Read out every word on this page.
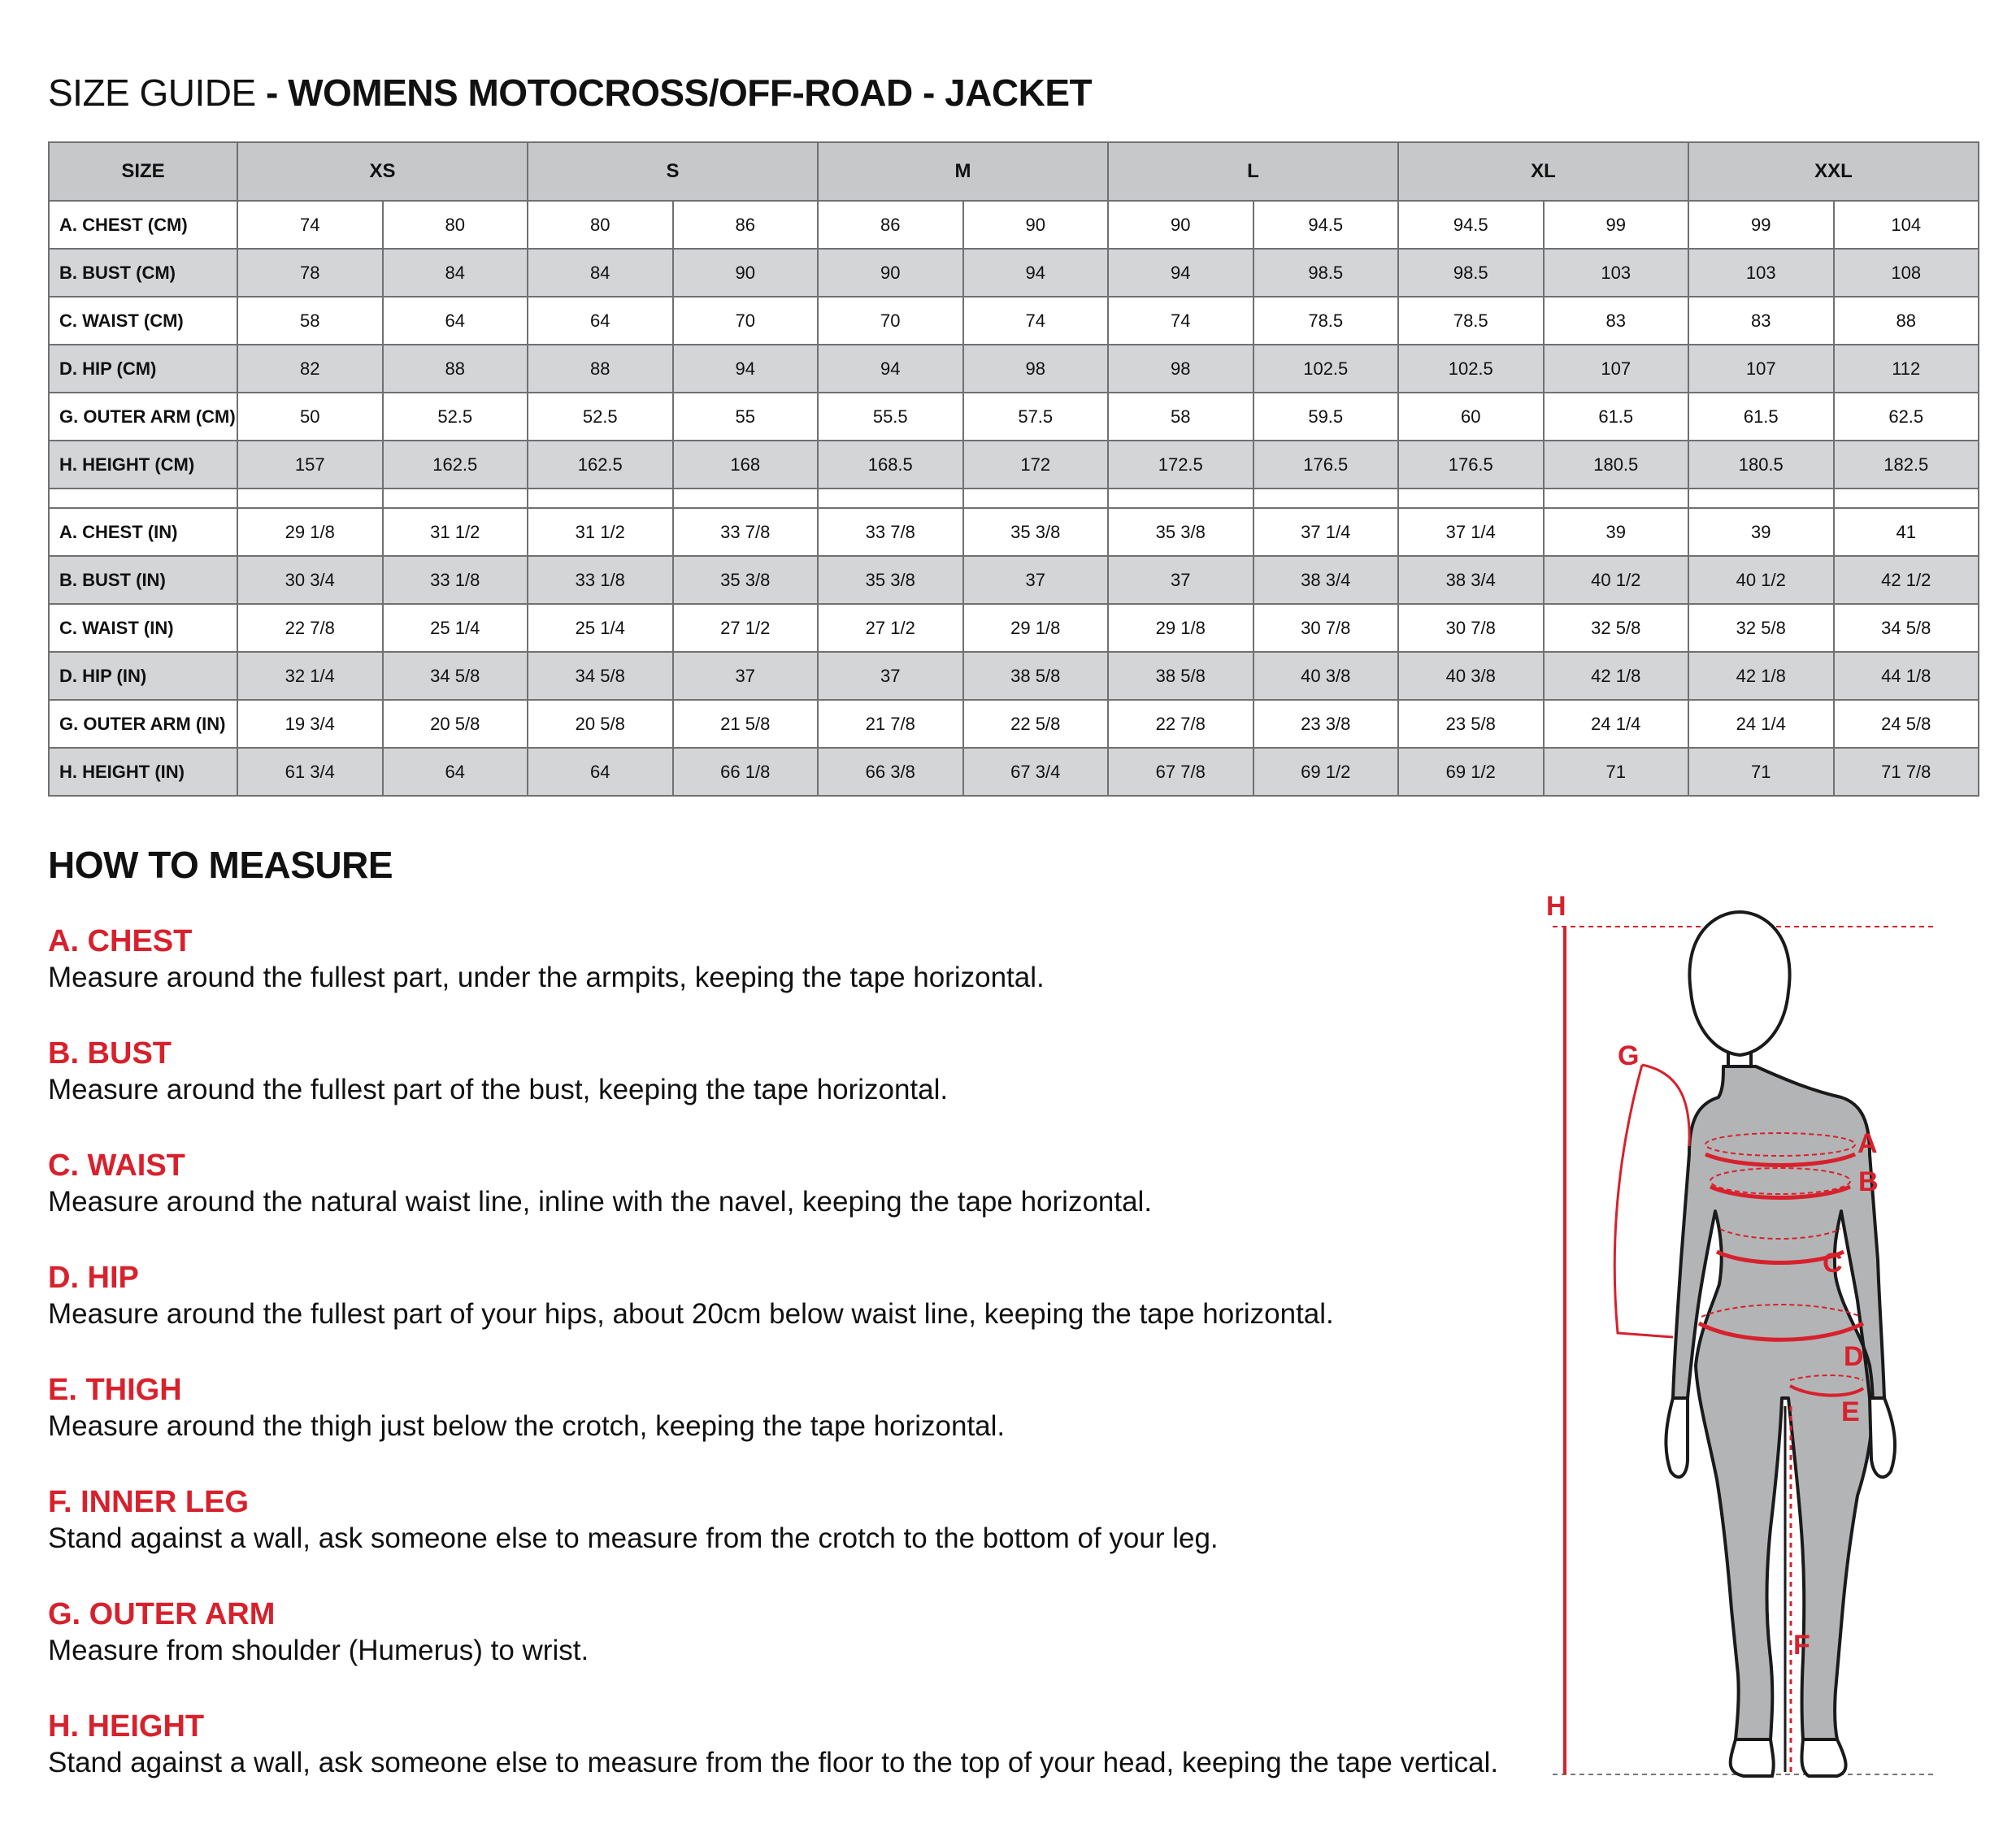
SIZE GUIDE - WOMENS MOTOCROSS/OFF-ROAD - JACKET
SIZE	XS		S		M		L		XL		XXL	
A. CHEST (CM)	74	80	80	86	86	90	90	94.5	94.5	99	99	104
B. BUST (CM)	78	84	84	90	90	94	94	98.5	98.5	103	103	108
C. WAIST (CM)	58	64	64	70	70	74	74	78.5	78.5	83	83	88
D. HIP (CM)	82	88	88	94	94	98	98	102.5	102.5	107	107	112
G. OUTER ARM (CM)	50	52.5	52.5	55	55.5	57.5	58	59.5	60	61.5	61.5	62.5
H. HEIGHT (CM)	157	162.5	162.5	168	168.5	172	172.5	176.5	176.5	180.5	180.5	182.5

A. CHEST (IN)	29 1/8	31 1/2	31 1/2	33 7/8	33 7/8	35 3/8	35 3/8	37 1/4	37 1/4	39	39	41
B. BUST (IN)	30 3/4	33 1/8	33 1/8	35 3/8	35 3/8	37	37	38 3/4	38 3/4	40 1/2	40 1/2	42 1/2
C. WAIST (IN)	22 7/8	25 1/4	25 1/4	27 1/2	27 1/2	29 1/8	29 1/8	30 7/8	30 7/8	32 5/8	32 5/8	34 5/8
D. HIP (IN)	32 1/4	34 5/8	34 5/8	37	37	38 5/8	38 5/8	40 3/8	40 3/8	42 1/8	42 1/8	44 1/8
G. OUTER ARM (IN)	19 3/4	20 5/8	20 5/8	21 5/8	21 7/8	22 5/8	22 7/8	23 3/8	23 5/8	24 1/4	24 1/4	24 5/8
H. HEIGHT (IN)	61 3/4	64	64	66 1/8	66 3/8	67 3/4	67 7/8	69 1/2	69 1/2	71	71	71 7/8
HOW TO MEASURE
A. CHEST
Measure around the fullest part, under the armpits, keeping the tape horizontal.
B. BUST
Measure around the fullest part of the bust, keeping the tape horizontal.
C. WAIST
Measure around the natural waist line, inline with the navel, keeping the tape horizontal.
D. HIP
Measure around the fullest part of your hips, about 20cm below waist line, keeping the tape horizontal.
E. THIGH
Measure around the thigh just below the crotch, keeping the tape horizontal.
F. INNER LEG
Stand against a wall, ask someone else to measure from the crotch to the bottom of your leg.
G. OUTER ARM
Measure from shoulder (Humerus) to wrist.
H. HEIGHT
Stand against a wall, ask someone else to measure from the floor to the top of your head, keeping the tape vertical.
H
G
A
B
C
D
E
F
